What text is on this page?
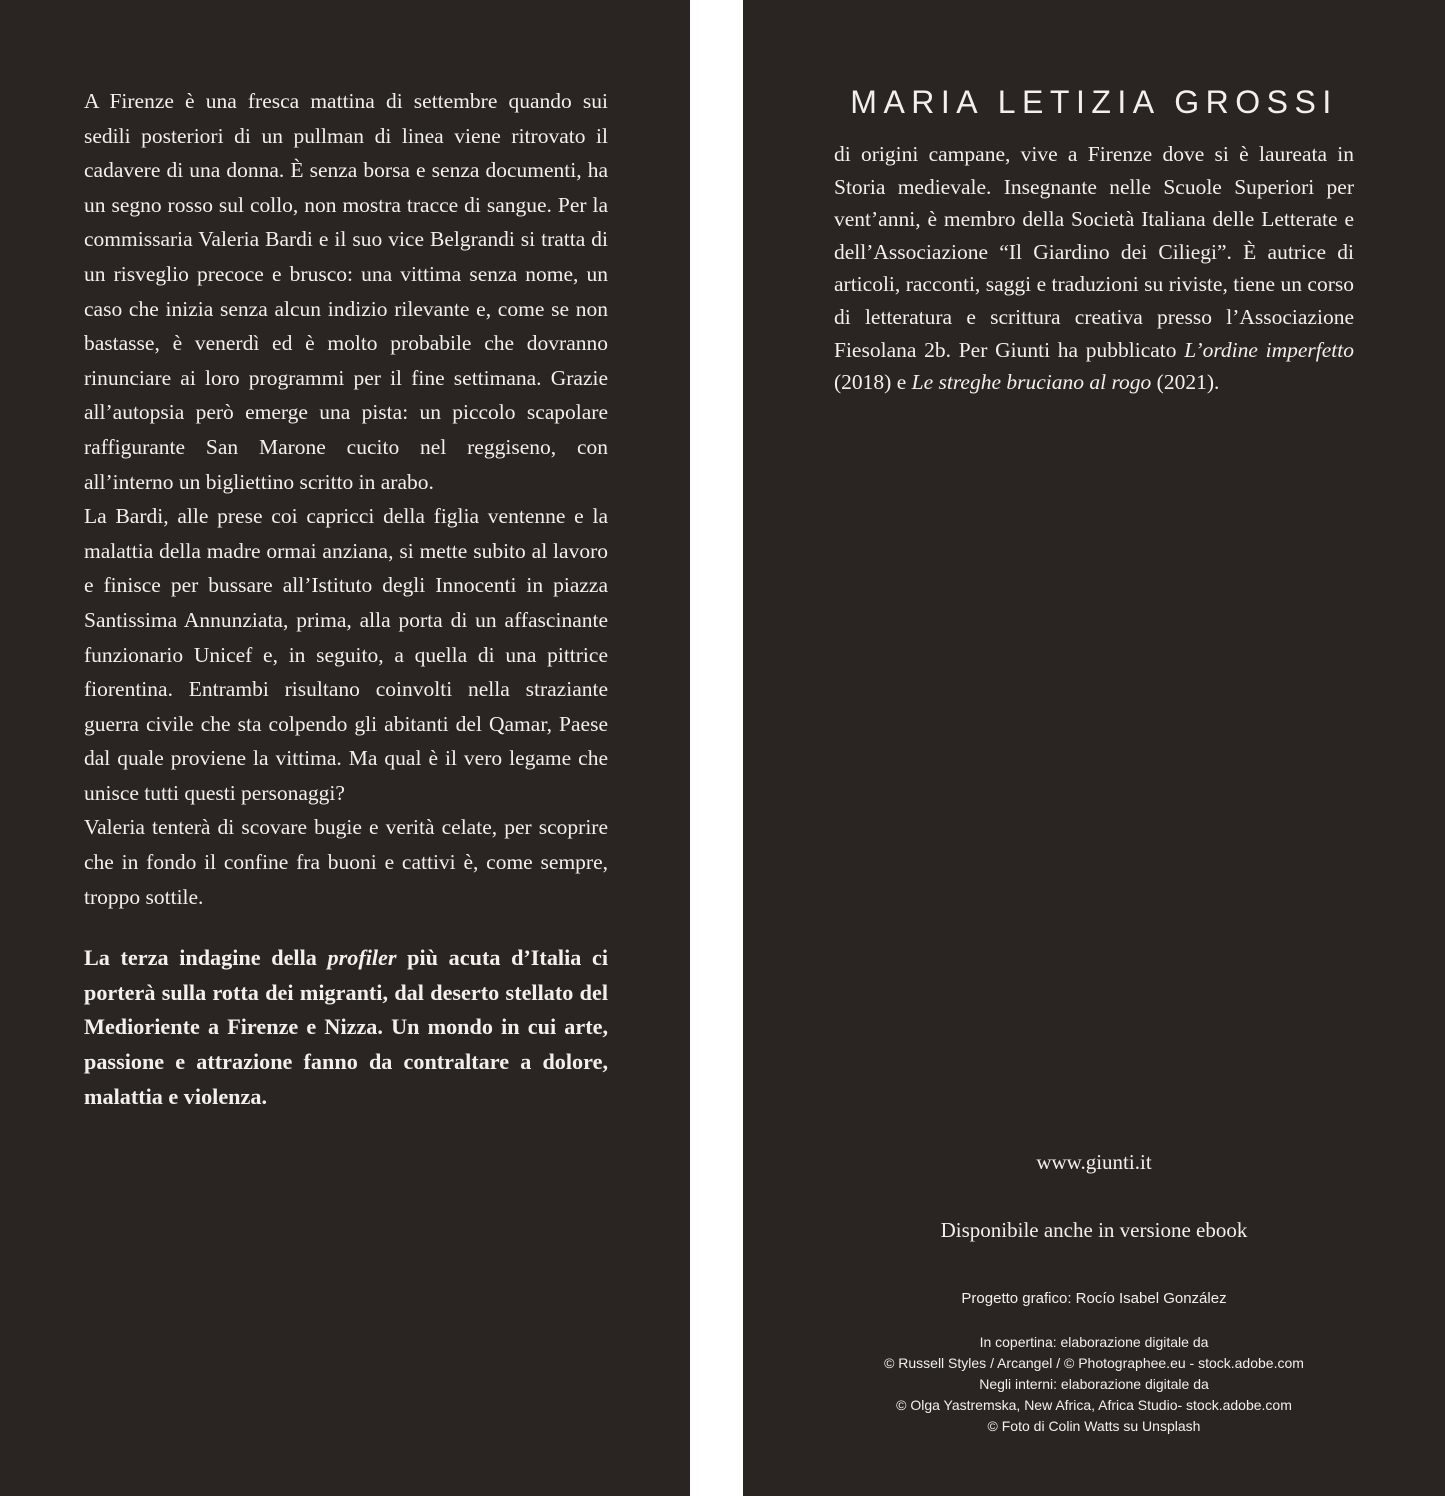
A Firenze è una fresca mattina di settembre quando sui sedili posteriori di un pullman di linea viene ritrovato il cadavere di una donna. È senza borsa e senza documenti, ha un segno rosso sul collo, non mostra tracce di sangue. Per la commissaria Valeria Bardi e il suo vice Belgrandi si tratta di un risveglio precoce e brusco: una vittima senza nome, un caso che inizia senza alcun indizio rilevante e, come se non bastasse, è venerdì ed è molto probabile che dovranno rinunciare ai loro programmi per il fine settimana. Grazie all’autopsia però emerge una pista: un piccolo scapolare raffigurante San Marone cucito nel reggiseno, con all’interno un bigliettino scritto in arabo.

La Bardi, alle prese coi capricci della figlia ventenne e la malattia della madre ormai anziana, si mette subito al lavoro e finisce per bussare all’Istituto degli Innocenti in piazza Santissima Annunziata, prima, alla porta di un affascinante funzionario Unicef e, in seguito, a quella di una pittrice fiorentina. Entrambi risultano coinvolti nella straziante guerra civile che sta colpendo gli abitanti del Qamar, Paese dal quale proviene la vittima. Ma qual è il vero legame che unisce tutti questi personaggi?

Valeria tenterà di scovare bugie e verità celate, per scoprire che in fondo il confine fra buoni e cattivi è, come sempre, troppo sottile.

La terza indagine della profiler più acuta d’Italia ci porterà sulla rotta dei migranti, dal deserto stellato del Medioriente a Firenze e Nizza. Un mondo in cui arte, passione e attrazione fanno da contraltare a dolore, malattia e violenza.

MARIA LETIZIA GROSSI

di origini campane, vive a Firenze dove si è laureata in Storia medievale. Insegnante nelle Scuole Superiori per vent’anni, è membro della Società Italiana delle Letterate e dell’Associazione “Il Giardino dei Ciliegi”. È autrice di articoli, racconti, saggi e traduzioni su riviste, tiene un corso di letteratura e scrittura creativa presso l’Associazione Fiesolana 2b. Per Giunti ha pubblicato L’ordine imperfetto (2018) e Le streghe bruciano al rogo (2021).

www.giunti.it
Disponibile anche in versione ebook
Progetto grafico: Rocío Isabel González
In copertina: elaborazione digitale da
© Russell Styles / Arcangel / © Photographee.eu - stock.adobe.com
Negli interni: elaborazione digitale da
© Olga Yastremska, New Africa, Africa Studio- stock.adobe.com
© Foto di Colin Watts su Unsplash
